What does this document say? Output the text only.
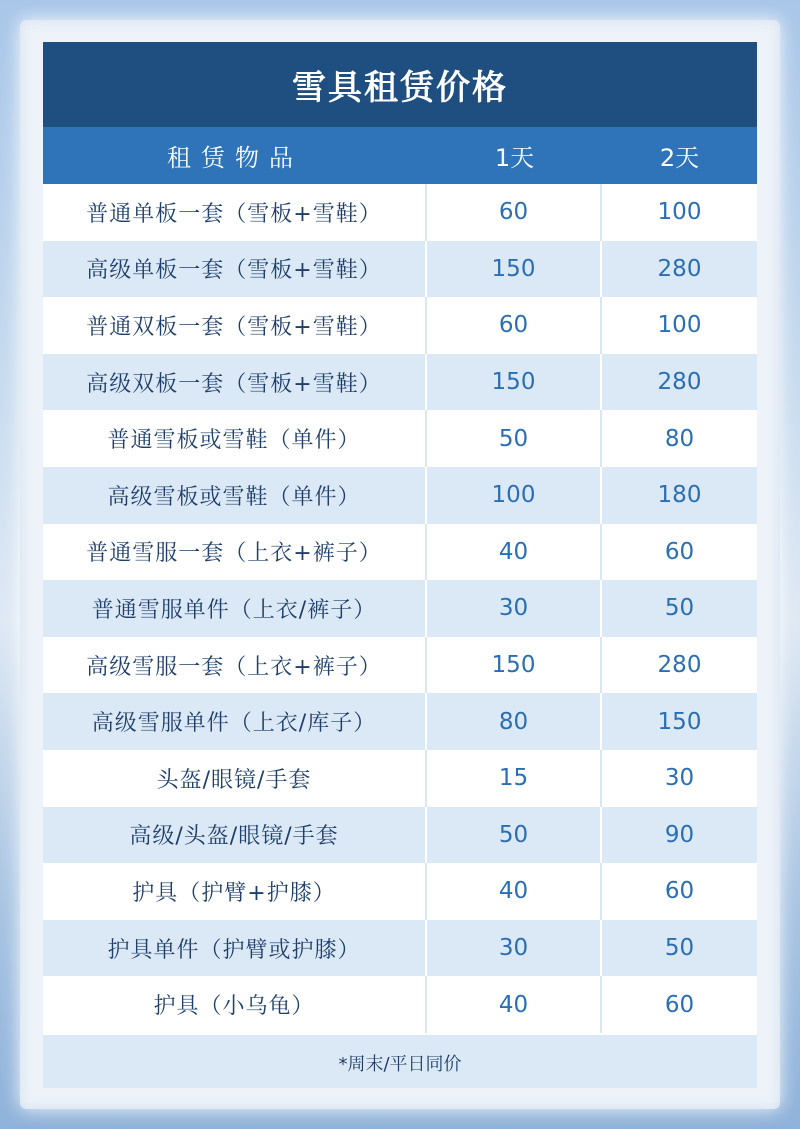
雪具租赁价格
租赁物品	1天	2天
普通单板一套（雪板+雪鞋）	60	100
高级单板一套（雪板+雪鞋）	150	280
普通双板一套（雪板+雪鞋）	60	100
高级双板一套（雪板+雪鞋）	150	280
普通雪板或雪鞋（单件）	50	80
高级雪板或雪鞋（单件）	100	180
普通雪服一套（上衣+裤子）	40	60
普通雪服单件（上衣/裤子）	30	50
高级雪服一套（上衣+裤子）	150	280
高级雪服单件（上衣/库子）	80	150
头盔/眼镜/手套	15	30
高级/头盔/眼镜/手套	50	90
护具（护臂+护膝）	40	60
护具单件（护臂或护膝）	30	50
护具（小乌龟）	40	60
*周末/平日同价
